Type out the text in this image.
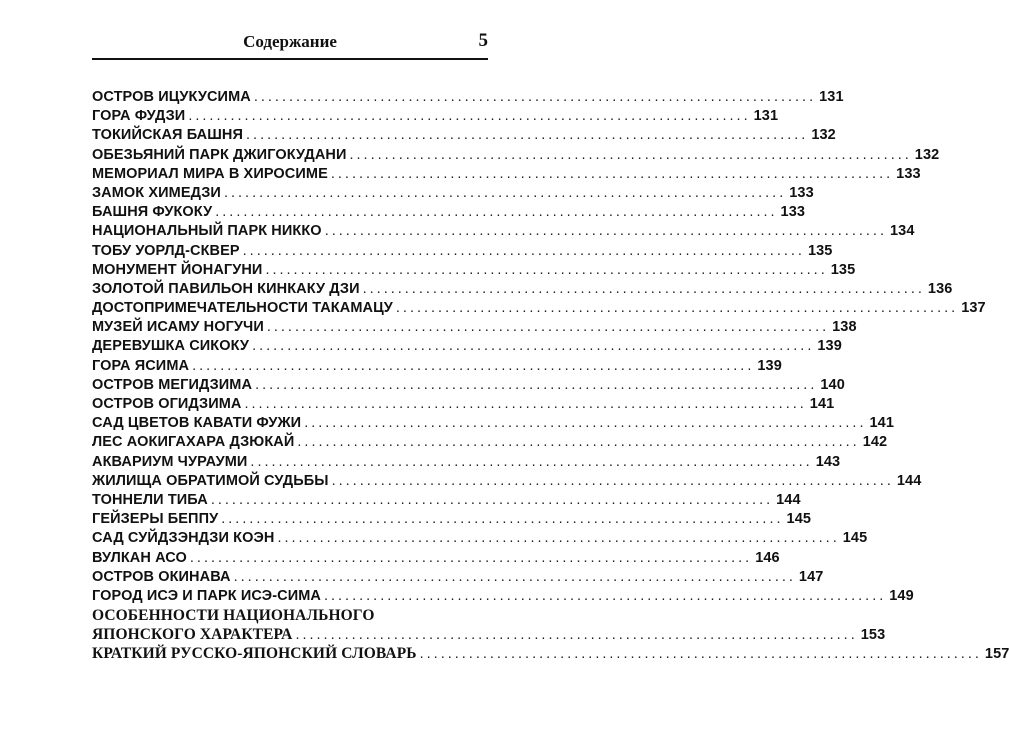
Содержание	5
ОСТРОВ ИЦУКУСИМА ................................................................................ 131
ГОРА ФУДЗИ ................................................................................ 131
ТОКИЙСКАЯ БАШНЯ ................................................................................ 132
ОБЕЗЬЯНИЙ ПАРК ДЖИГОКУДАНИ ................................................................................ 132
МЕМОРИАЛ МИРА В ХИРОСИМЕ ................................................................................ 133
ЗАМОК ХИМЕДЗИ ................................................................................ 133
БАШНЯ ФУКОКУ ................................................................................ 133
НАЦИОНАЛЬНЫЙ ПАРК НИККО ................................................................................ 134
ТОБУ УОРЛД-СКВЕР ................................................................................ 135
МОНУМЕНТ ЙОНАГУНИ ................................................................................ 135
ЗОЛОТОЙ ПАВИЛЬОН КИНКАКУ ДЗИ ................................................................................ 136
ДОСТОПРИМЕЧАТЕЛЬНОСТИ ТАКАМАЦУ ................................................................................ 137
МУЗЕЙ ИСАМУ НОГУЧИ ................................................................................ 138
ДЕРЕВУШКА СИКОКУ ................................................................................ 139
ГОРА ЯСИМА ................................................................................ 139
ОСТРОВ МЕГИДЗИМА ................................................................................ 140
ОСТРОВ ОГИДЗИМА ................................................................................ 141
САД ЦВЕТОВ КАВАТИ ФУЖИ ................................................................................ 141
ЛЕС АОКИГАХАРА ДЗЮКАЙ ................................................................................ 142
АКВАРИУМ ЧУРАУМИ ................................................................................ 143
ЖИЛИЩА ОБРАТИМОЙ СУДЬБЫ ................................................................................ 144
ТОННЕЛИ ТИБА ................................................................................ 144
ГЕЙЗЕРЫ БЕППУ ................................................................................ 145
САД СУЙДЗЭНДЗИ КОЭН ................................................................................ 145
ВУЛКАН АСО ................................................................................ 146
ОСТРОВ ОКИНАВА ................................................................................ 147
ГОРОД ИСЭ И ПАРК ИСЭ-СИМА ................................................................................ 149
ОСОБЕННОСТИ НАЦИОНАЛЬНОГО
ЯПОНСКОГО ХАРАКТЕРА ................................................................................ 153
КРАТКИЙ РУССКО-ЯПОНСКИЙ СЛОВАРЬ ................................................................................ 157
